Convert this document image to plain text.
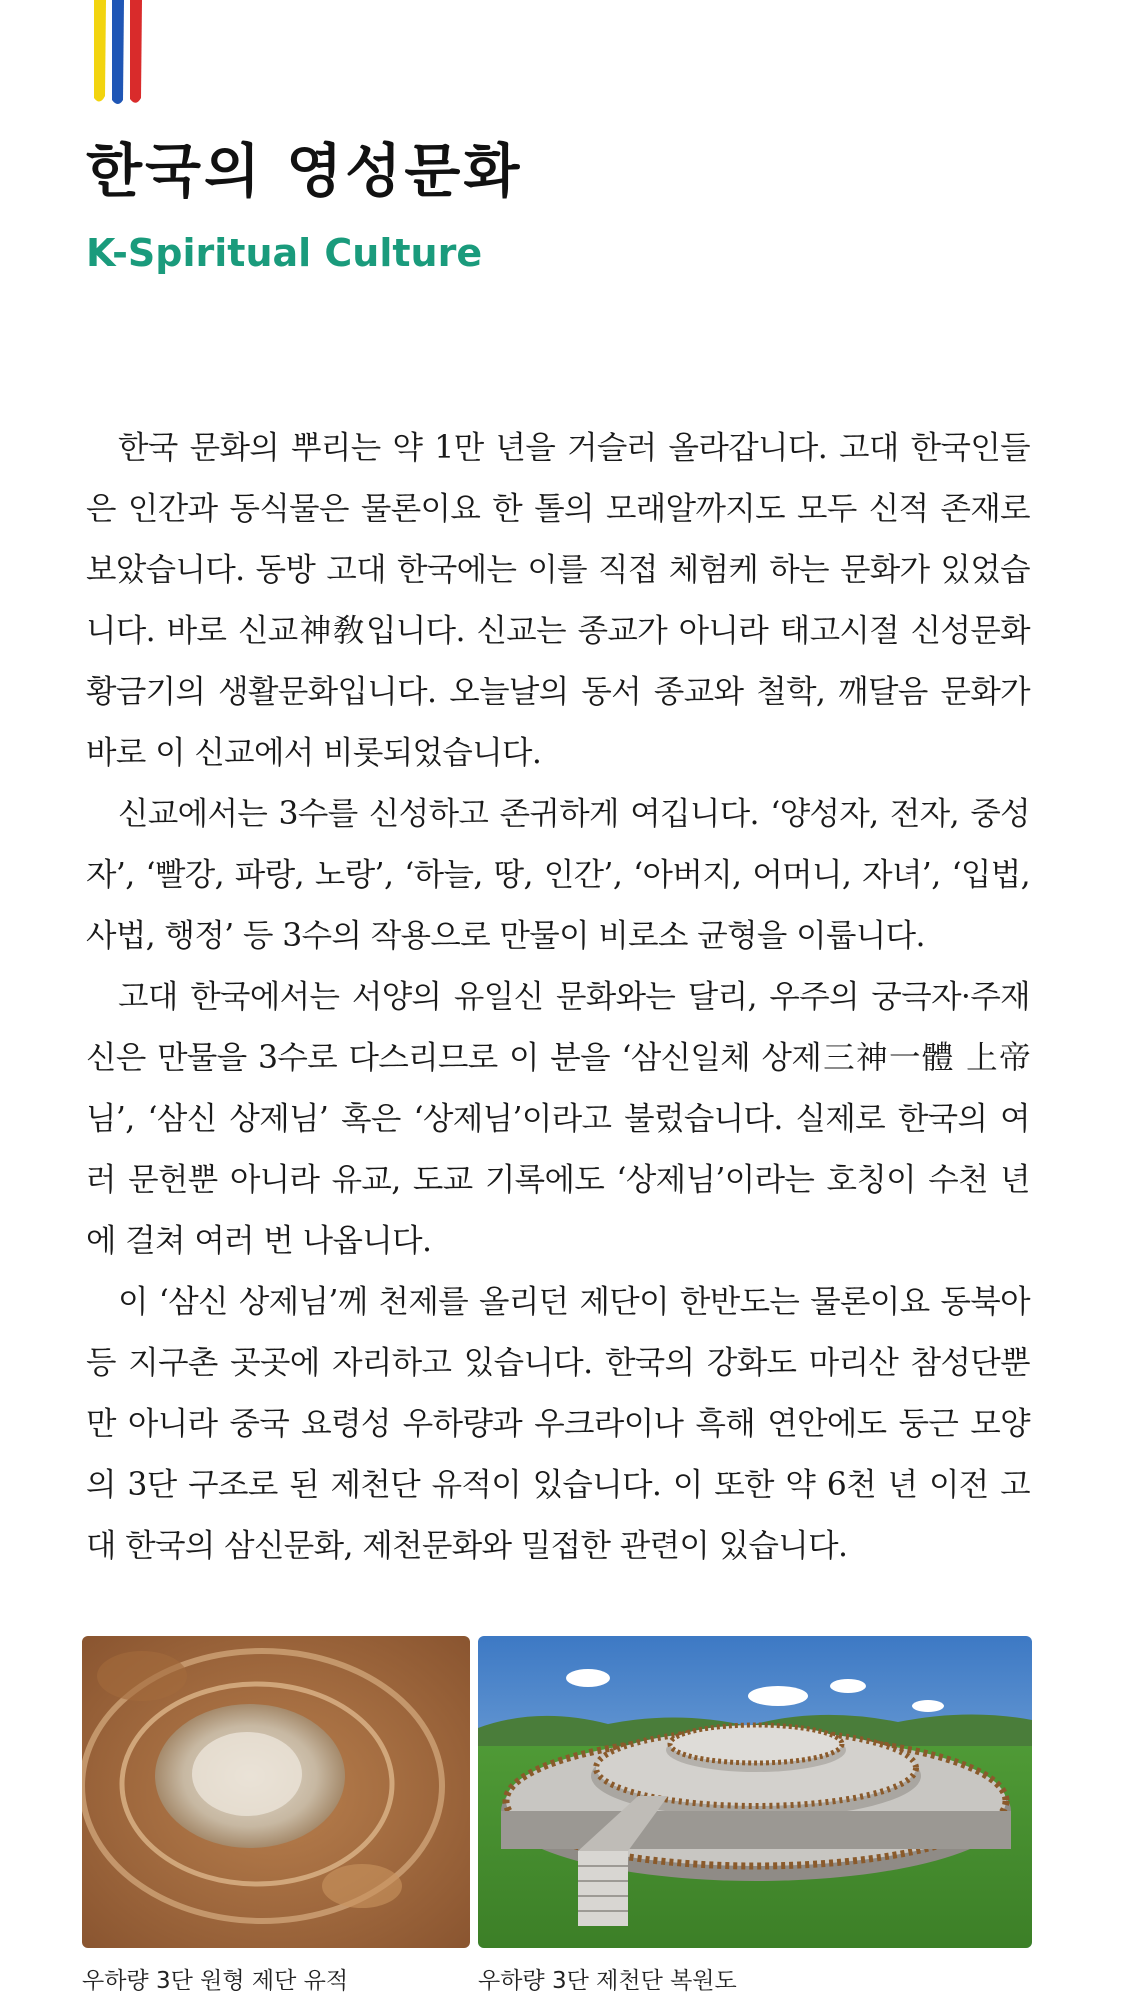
한국의 영성문화
K-Spiritual Culture

한국 문화의 뿌리는 약 1만 년을 거슬러 올라갑니다. 고대 한국인들은 인간과 동식물은 물론이요 한 톨의 모래알까지도 모두 신적 존재로 보았습니다. 동방 고대 한국에는 이를 직접 체험케 하는 문화가 있었습니다. 바로 신교神敎입니다. 신교는 종교가 아니라 태고시절 신성문화 황금기의 생활문화입니다. 오늘날의 동서 종교와 철학, 깨달음 문화가 바로 이 신교에서 비롯되었습니다.

신교에서는 3수를 신성하고 존귀하게 여깁니다. ‘양성자, 전자, 중성자’, ‘빨강, 파랑, 노랑’, ‘하늘, 땅, 인간’, ‘아버지, 어머니, 자녀’, ‘입법, 사법, 행정’ 등 3수의 작용으로 만물이 비로소 균형을 이룹니다.

고대 한국에서는 서양의 유일신 문화와는 달리, 우주의 궁극자·주재신은 만물을 3수로 다스리므로 이 분을 ‘삼신일체 상제三神一體 上帝님’, ‘삼신 상제님’ 혹은 ‘상제님’이라고 불렀습니다. 실제로 한국의 여러 문헌뿐 아니라 유교, 도교 기록에도 ‘상제님’이라는 호칭이 수천 년에 걸쳐 여러 번 나옵니다.

이 ‘삼신 상제님’께 천제를 올리던 제단이 한반도는 물론이요 동북아 등 지구촌 곳곳에 자리하고 있습니다. 한국의 강화도 마리산 참성단뿐만 아니라 중국 요령성 우하량과 우크라이나 흑해 연안에도 둥근 모양의 3단 구조로 된 제천단 유적이 있습니다. 이 또한 약 6천 년 이전 고대 한국의 삼신문화, 제천문화와 밀접한 관련이 있습니다.

우하량 3단 원형 제단 유적	우하량 3단 제천단 복원도
